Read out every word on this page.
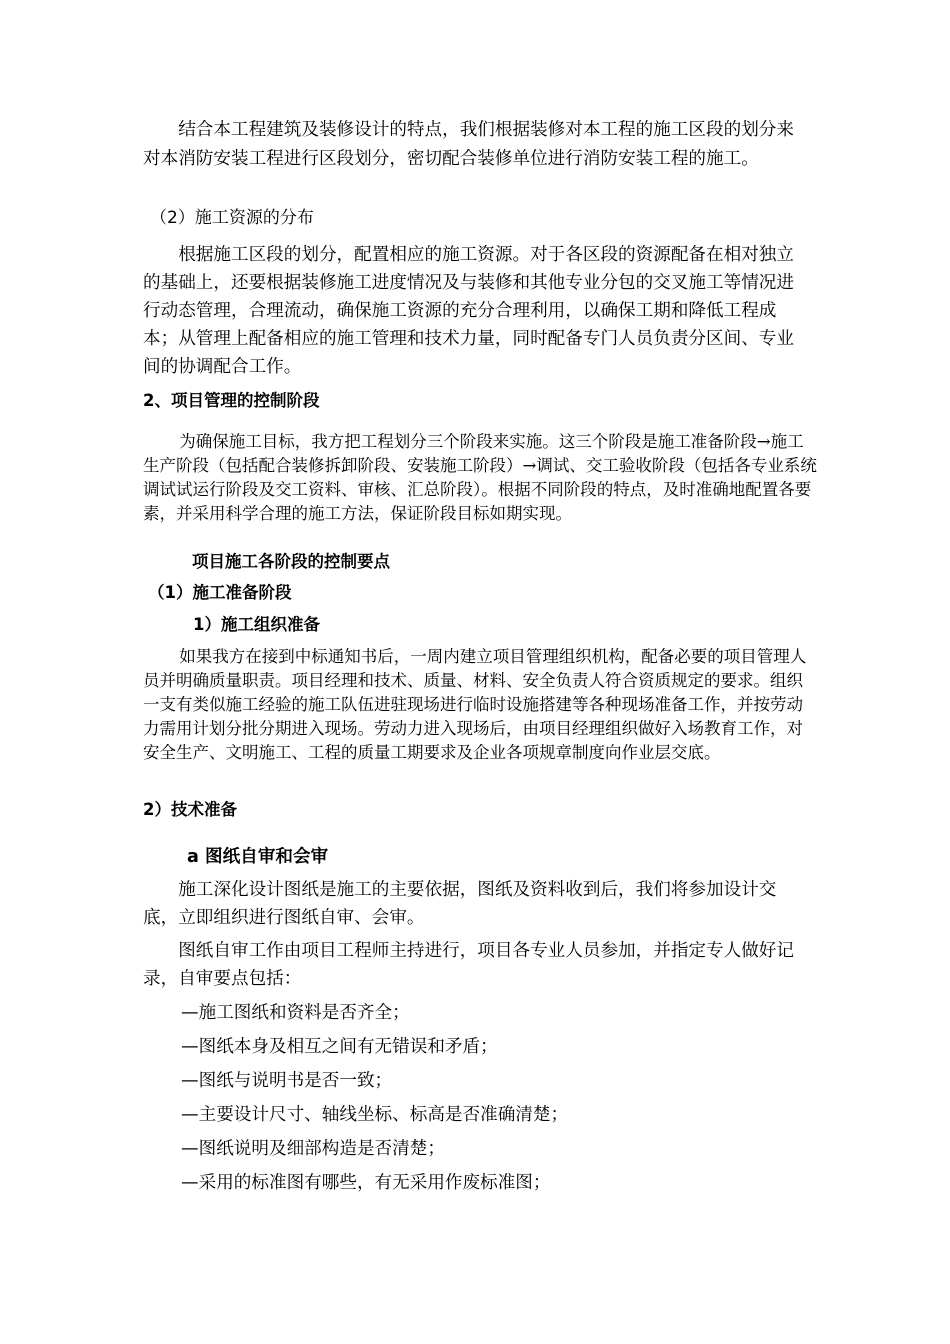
结合本工程建筑及装修设计的特点，我们根据装修对本工程的施工区段的划分来对本消防安装工程进行区段划分，密切配合装修单位进行消防安装工程的施工。

（2）施工资源的分布

根据施工区段的划分，配置相应的施工资源。对于各区段的资源配备在相对独立的基础上，还要根据装修施工进度情况及与装修和其他专业分包的交叉施工等情况进行动态管理，合理流动，确保施工资源的充分合理利用，以确保工期和降低工程成本；从管理上配备相应的施工管理和技术力量，同时配备专门人员负责分区间、专业间的协调配合工作。

2、项目管理的控制阶段

为确保施工目标，我方把工程划分三个阶段来实施。这三个阶段是施工准备阶段→施工生产阶段（包括配合装修拆卸阶段、安装施工阶段）→调试、交工验收阶段（包括各专业系统调试试运行阶段及交工资料、审核、汇总阶段）。根据不同阶段的特点，及时准确地配置各要素，并采用科学合理的施工方法，保证阶段目标如期实现。

项目施工各阶段的控制要点

（1）施工准备阶段

1）施工组织准备

如果我方在接到中标通知书后，一周内建立项目管理组织机构，配备必要的项目管理人员并明确质量职责。项目经理和技术、质量、材料、安全负责人符合资质规定的要求。组织一支有类似施工经验的施工队伍进驻现场进行临时设施搭建等各种现场准备工作，并按劳动力需用计划分批分期进入现场。劳动力进入现场后，由项目经理组织做好入场教育工作，对安全生产、文明施工、工程的质量工期要求及企业各项规章制度向作业层交底。

2）技术准备

a 图纸自审和会审

施工深化设计图纸是施工的主要依据，图纸及资料收到后，我们将参加设计交底，立即组织进行图纸自审、会审。

图纸自审工作由项目工程师主持进行，项目各专业人员参加，并指定专人做好记录，自审要点包括：

—施工图纸和资料是否齐全；
—图纸本身及相互之间有无错误和矛盾；
—图纸与说明书是否一致；
—主要设计尺寸、轴线坐标、标高是否准确清楚；
—图纸说明及细部构造是否清楚；
—采用的标准图有哪些，有无采用作废标准图；
